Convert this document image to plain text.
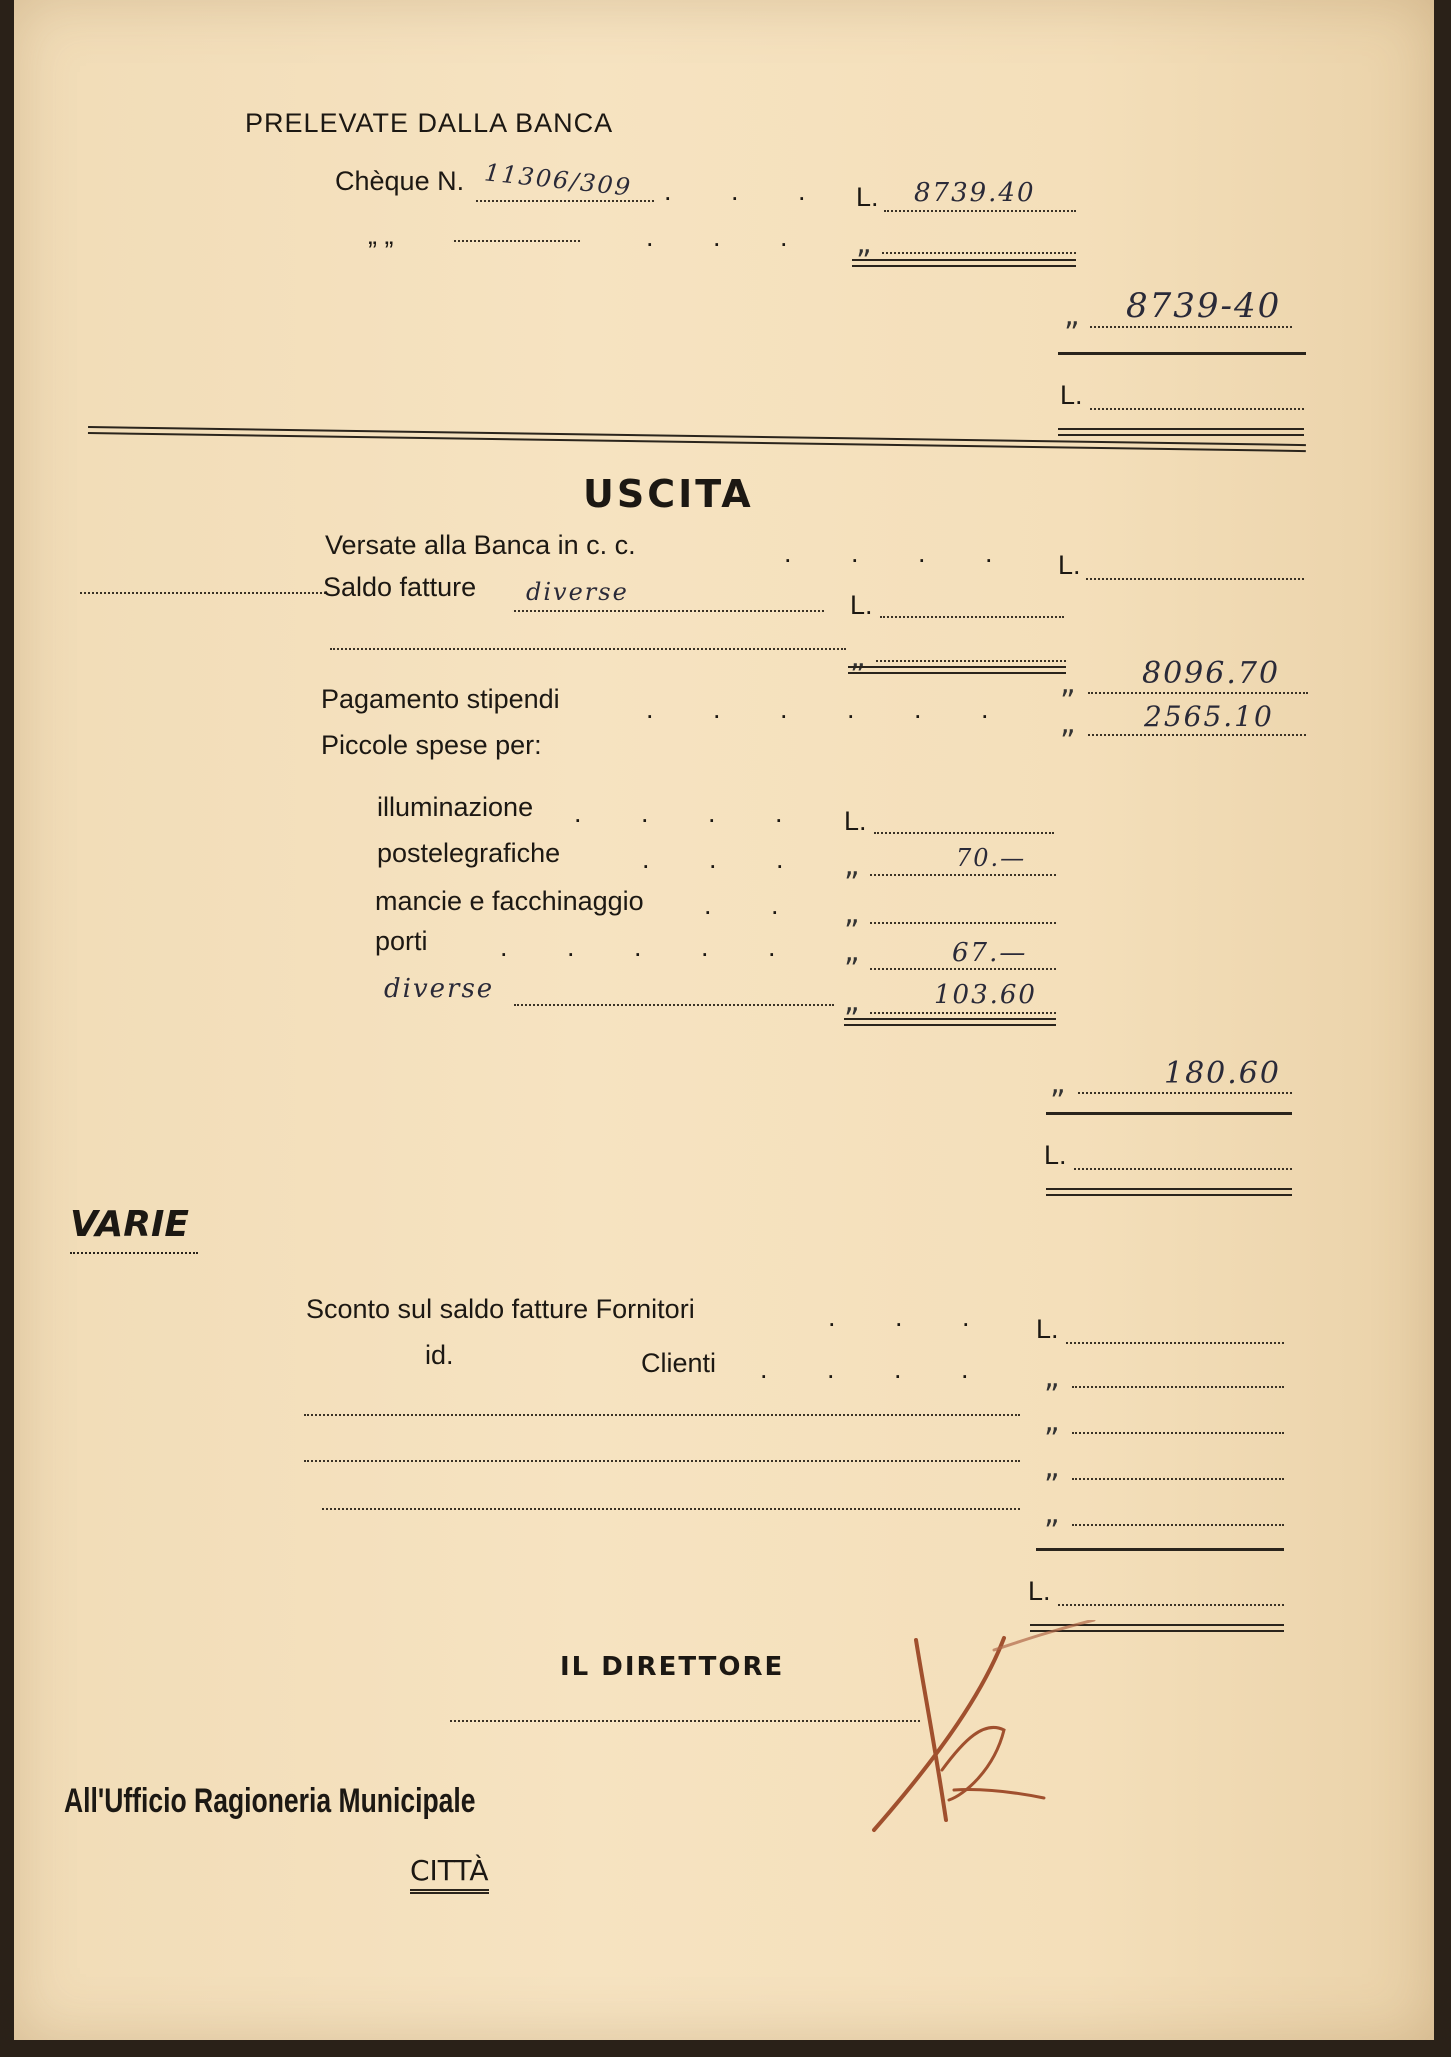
PRELEVATE DALLA BANCA
Chèque N. 11306/309 . . . L. 8739.40
„ „	. . . „
„ 8739-40
L.
USCITA
Versate alla Banca in c. c.	. . . . L.
Saldo fatture diverse	L.
„
„ 8096.70
Pagamento stipendi	. . . . . . „ 2565.10
Piccole spese per:
illuminazione . . . . L.
postelegrafiche	. . . „	70.—
mancie e facchinaggio . . „
porti	. . . . . „	67.—
diverse	„	103.60
„	180.60
L.
VARIE
Sconto sul saldo fatture Fornitori	. . . L.
id.	Clienti . . . . „
„
„
„
L.
IL DIRETTORE
All'Ufficio Ragioneria Municipale
CITTÀ
